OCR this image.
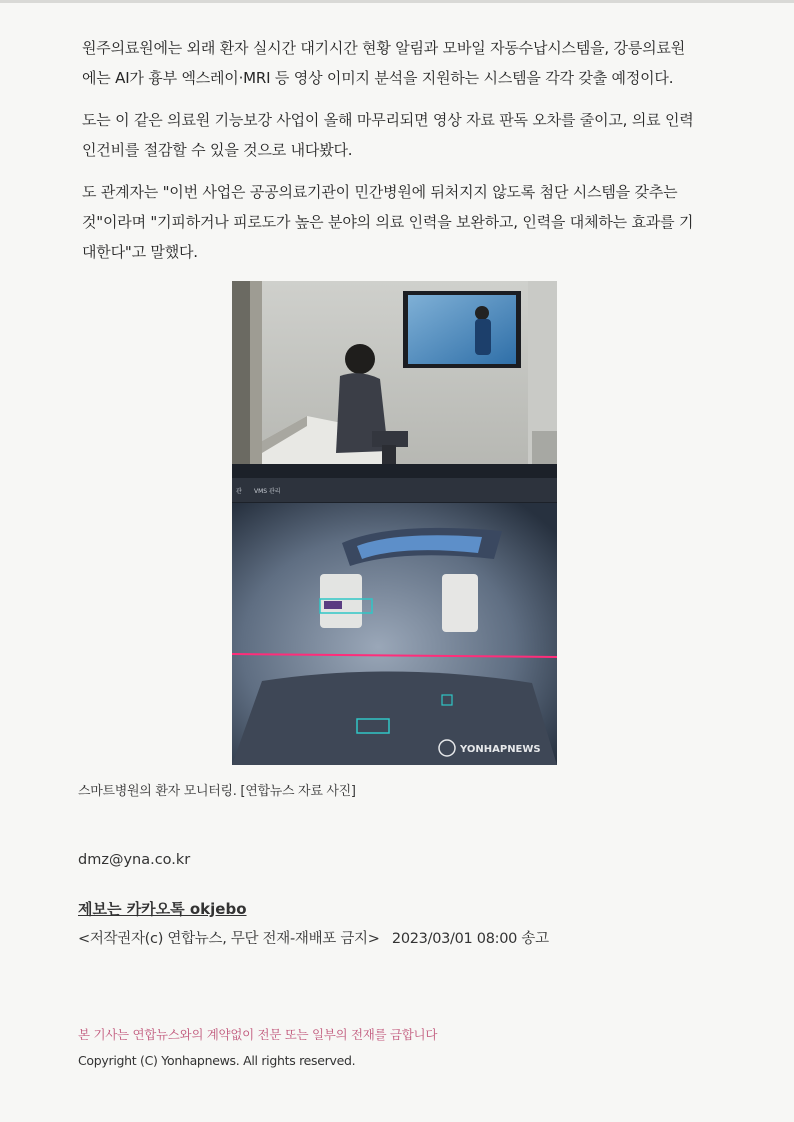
원주의료원에는 외래 환자 실시간 대기시간 현황 알림과 모바일 자동수납시스템을, 강릉의료원
에는 AI가 흉부 엑스레이·MRI 등 영상 이미지 분석을 지원하는 시스템을 각각 갖출 예정이다.

도는 이 같은 의료원 기능보강 사업이 올해 마무리되면 영상 자료 판독 오차를 줄이고, 의료 인력
인건비를 절감할 수 있을 것으로 내다봤다.

도 관계자는 "이번 사업은 공공의료기관이 민간병원에 뒤처지지 않도록 첨단 시스템을 갖추는
것"이라며 "기피하거나 피로도가 높은 분야의 의료 인력을 보완하고, 인력을 대체하는 효과를 기
대한다"고 말했다.

관 VMS 관리
YONHAPNEWS
스마트병원의 환자 모니터링. [연합뉴스 자료 사진]
dmz@yna.co.kr
제보는 카카오톡 okjebo
<저작권자(c) 연합뉴스, 무단 전재-재배포 금지> 2023/03/01 08:00 송고
본 기사는 연합뉴스와의 계약없이 전문 또는 일부의 전재를 금합니다
Copyright (C) Yonhapnews. All rights reserved.
